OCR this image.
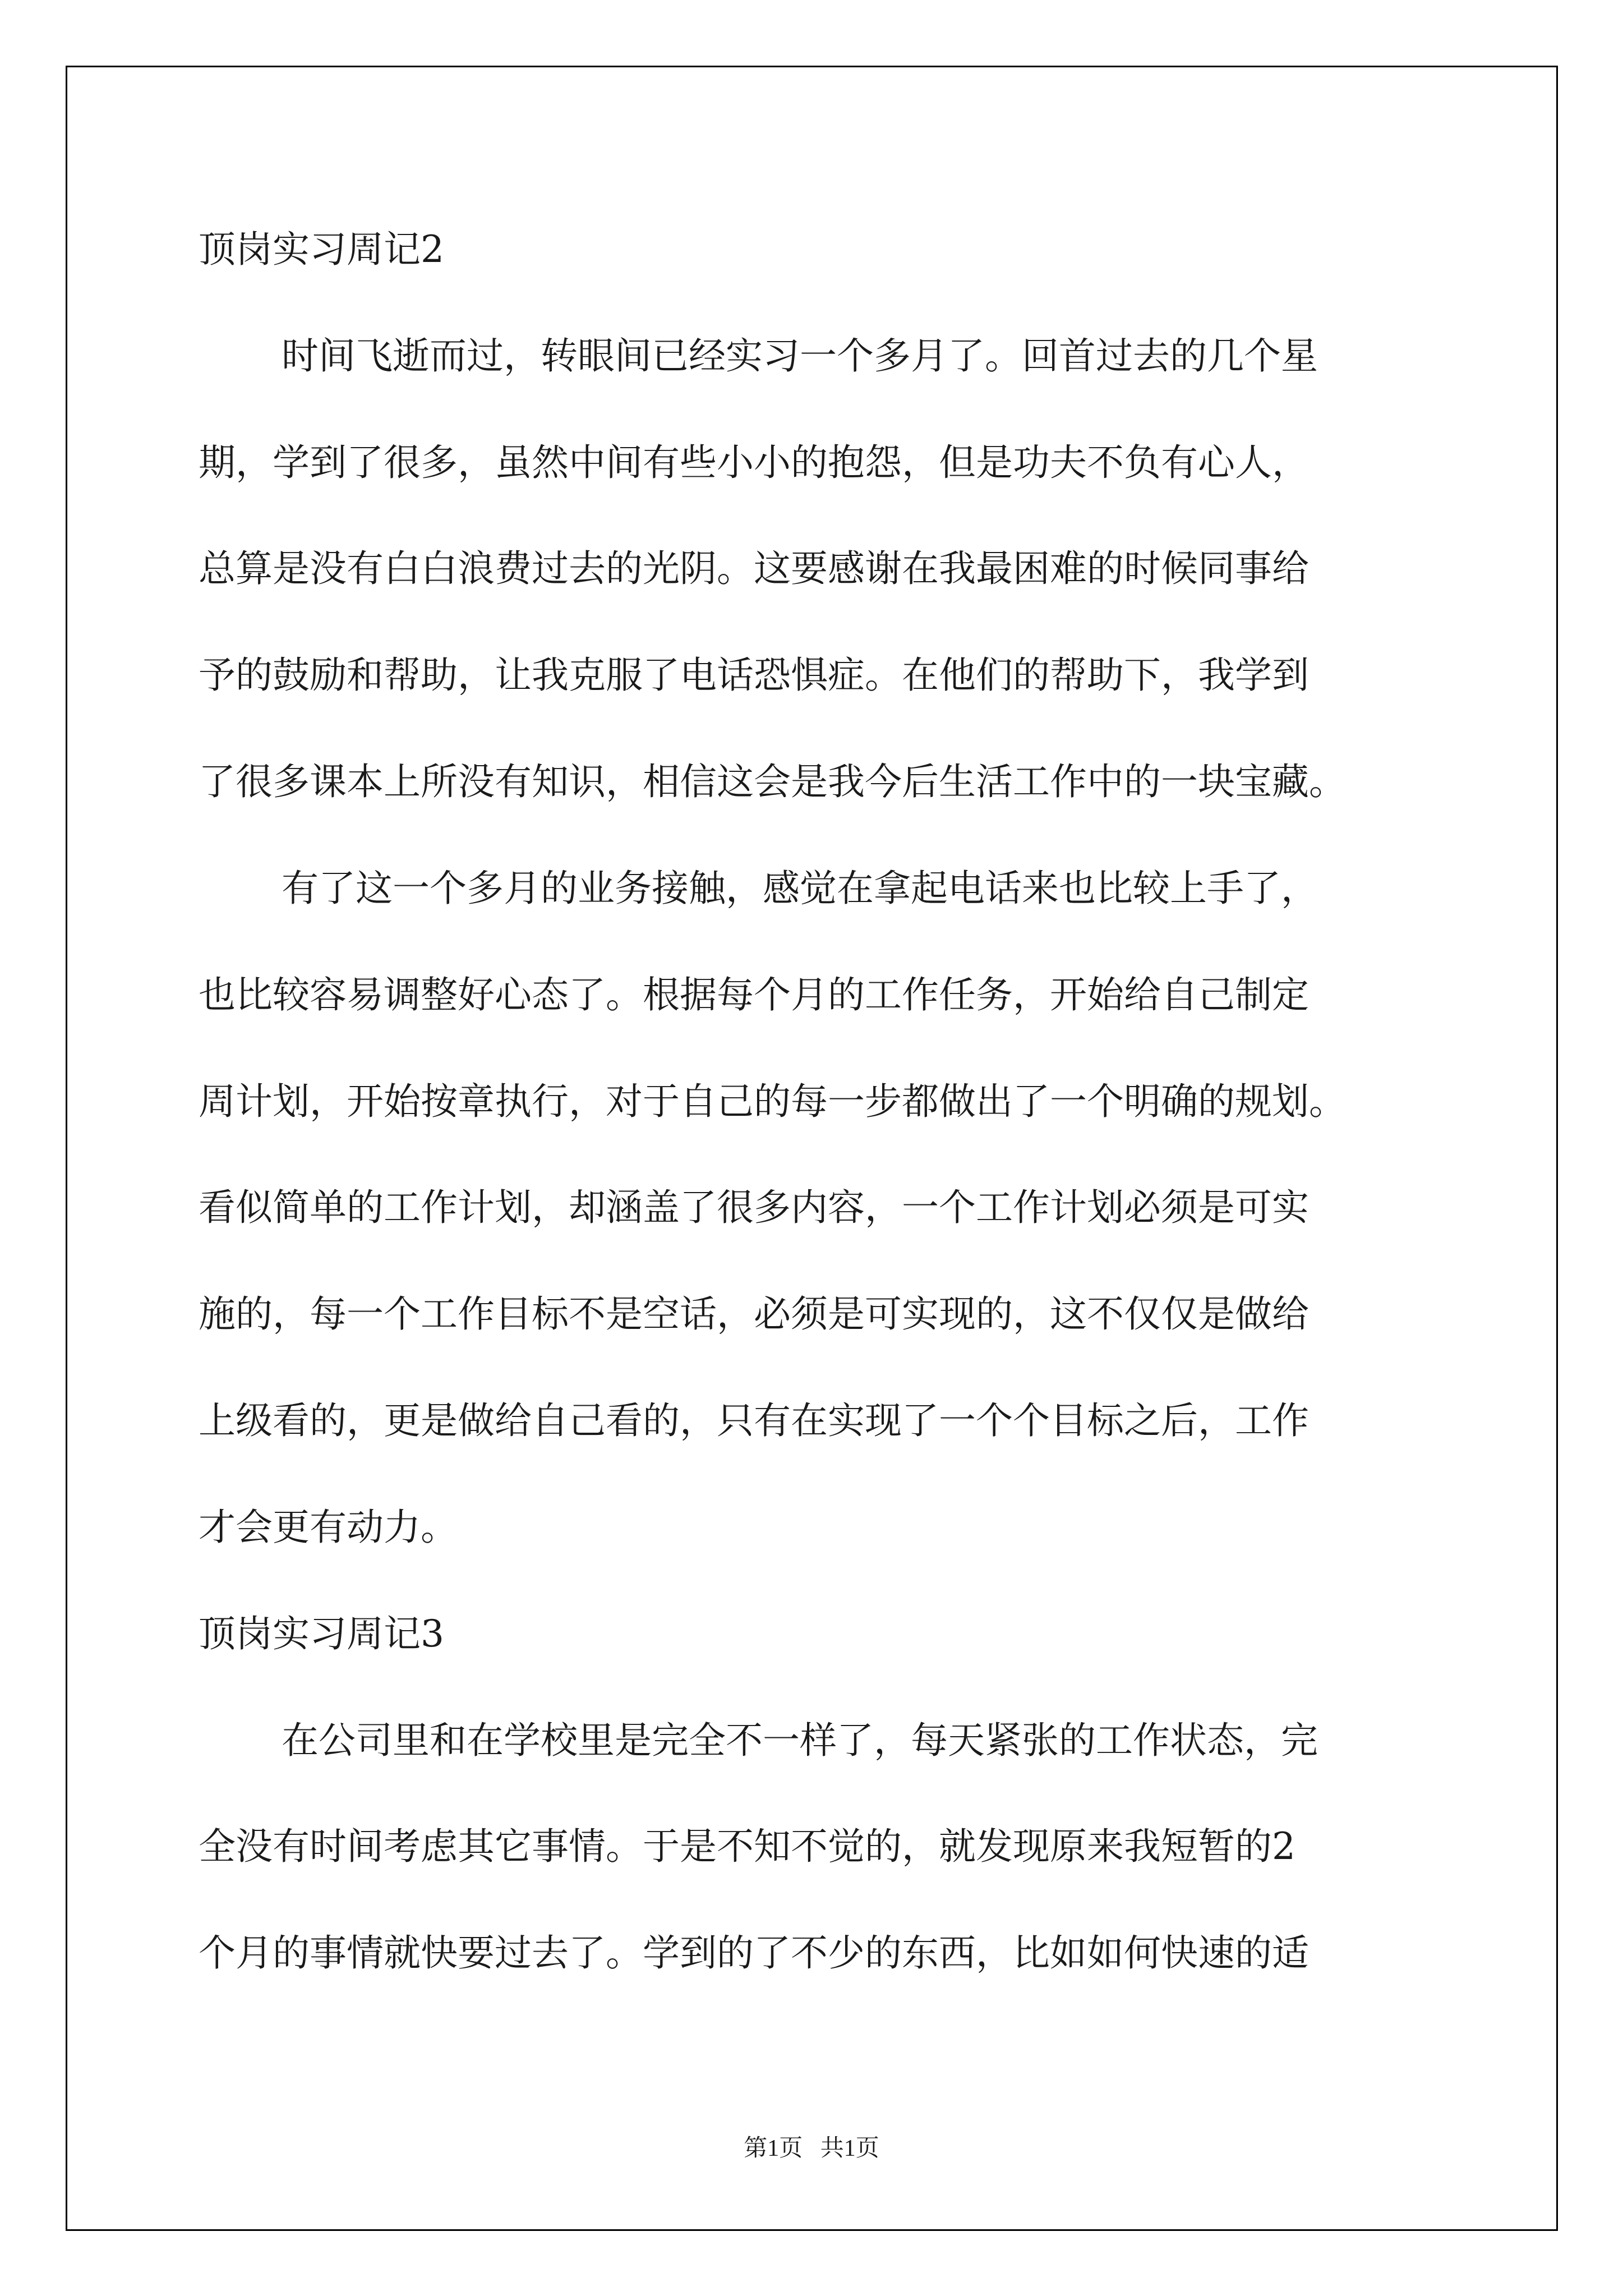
顶岗实习周记2
时间飞逝而过，转眼间已经实习一个多月了。回首过去的几个星
期，学到了很多，虽然中间有些小小的抱怨，但是功夫不负有心人，
总算是没有白白浪费过去的光阴。这要感谢在我最困难的时候同事给
予的鼓励和帮助，让我克服了电话恐惧症。在他们的帮助下，我学到
了很多课本上所没有知识，相信这会是我今后生活工作中的一块宝藏。
有了这一个多月的业务接触，感觉在拿起电话来也比较上手了，
也比较容易调整好心态了。根据每个月的工作任务，开始给自己制定
周计划，开始按章执行，对于自己的每一步都做出了一个明确的规划。
看似简单的工作计划，却涵盖了很多内容，一个工作计划必须是可实
施的，每一个工作目标不是空话，必须是可实现的，这不仅仅是做给
上级看的，更是做给自己看的，只有在实现了一个个目标之后，工作
才会更有动力。
顶岗实习周记3
在公司里和在学校里是完全不一样了，每天紧张的工作状态，完
全没有时间考虑其它事情。于是不知不觉的，就发现原来我短暂的2
个月的事情就快要过去了。学到的了不少的东西，比如如何快速的适
第1页   共1页
